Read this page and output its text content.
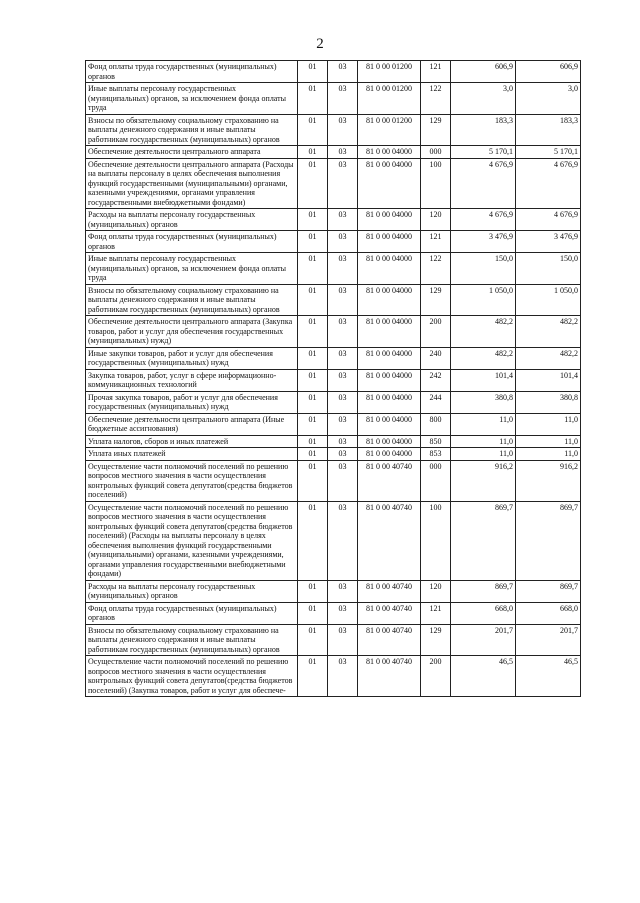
2
Фонд оплаты труда государственных (муниципальных) органов	01	03	81 0 00 01200	121	606,9	606,9
Иные выплаты персоналу государственных (муниципальных) органов, за исключением фонда оплаты труда	01	03	81 0 00 01200	122	3,0	3,0
Взносы по обязательному социальному страхованию на выплаты денежного содержания и иные выплаты работникам государственных (муниципальных) органов	01	03	81 0 00 01200	129	183,3	183,3
Обеспечение деятельности центрального аппарата	01	03	81 0 00 04000	000	5 170,1	5 170,1
Обеспечение деятельности центрального аппарата (Расходы на выплаты персоналу в целях обеспечения выполнения функций государственными (муниципальными) органами, казенными учреждениями, органами управления государственными внебюджетными фондами)	01	03	81 0 00 04000	100	4 676,9	4 676,9
Расходы на выплаты персоналу государственных (муниципальных) органов	01	03	81 0 00 04000	120	4 676,9	4 676,9
Фонд оплаты труда государственных (муниципальных) органов	01	03	81 0 00 04000	121	3 476,9	3 476,9
Иные выплаты персоналу государственных (муниципальных) органов, за исключением фонда оплаты труда	01	03	81 0 00 04000	122	150,0	150,0
Взносы по обязательному социальному страхованию на выплаты денежного содержания и иные выплаты работникам государственных (муниципальных) органов	01	03	81 0 00 04000	129	1 050,0	1 050,0
Обеспечение деятельности центрального аппарата (Закупка товаров, работ и услуг для обеспечения государственных (муниципальных) нужд)	01	03	81 0 00 04000	200	482,2	482,2
Иные закупки товаров, работ и услуг для обеспечения государственных (муниципальных) нужд	01	03	81 0 00 04000	240	482,2	482,2
Закупка товаров, работ, услуг в сфере информационно-коммуникационных технологий	01	03	81 0 00 04000	242	101,4	101,4
Прочая закупка товаров, работ и услуг для обеспечения государственных (муниципальных) нужд	01	03	81 0 00 04000	244	380,8	380,8
Обеспечение деятельности центрального аппарата (Иные бюджетные ассигнования)	01	03	81 0 00 04000	800	11,0	11,0
Уплата налогов, сборов и иных платежей	01	03	81 0 00 04000	850	11,0	11,0
Уплата иных платежей	01	03	81 0 00 04000	853	11,0	11,0
Осуществление части полномочий поселений по решению вопросов местного значения в части осуществления контрольных функций совета депутатов(средства бюджетов поселений)	01	03	81 0 00 40740	000	916,2	916,2
Осуществление части полномочий поселений по решению вопросов местного значения в части осуществления контрольных функций совета депутатов(средства бюджетов поселений) (Расходы на выплаты персоналу в целях обеспечения выполнения функций государственными (муниципальными) органами, казенными учреждениями, органами управления государственными внебюджетными фондами)	01	03	81 0 00 40740	100	869,7	869,7
Расходы на выплаты персоналу государственных (муниципальных) органов	01	03	81 0 00 40740	120	869,7	869,7
Фонд оплаты труда государственных (муниципальных) органов	01	03	81 0 00 40740	121	668,0	668,0
Взносы по обязательному социальному страхованию на выплаты денежного содержания и иные выплаты работникам государственных (муниципальных) органов	01	03	81 0 00 40740	129	201,7	201,7
Осуществление части полномочий поселений по решению вопросов местного значения в части осуществления контрольных функций совета депутатов(средства бюджетов поселений) (Закупка товаров, работ и услуг для обеспече-	01	03	81 0 00 40740	200	46,5	46,5
